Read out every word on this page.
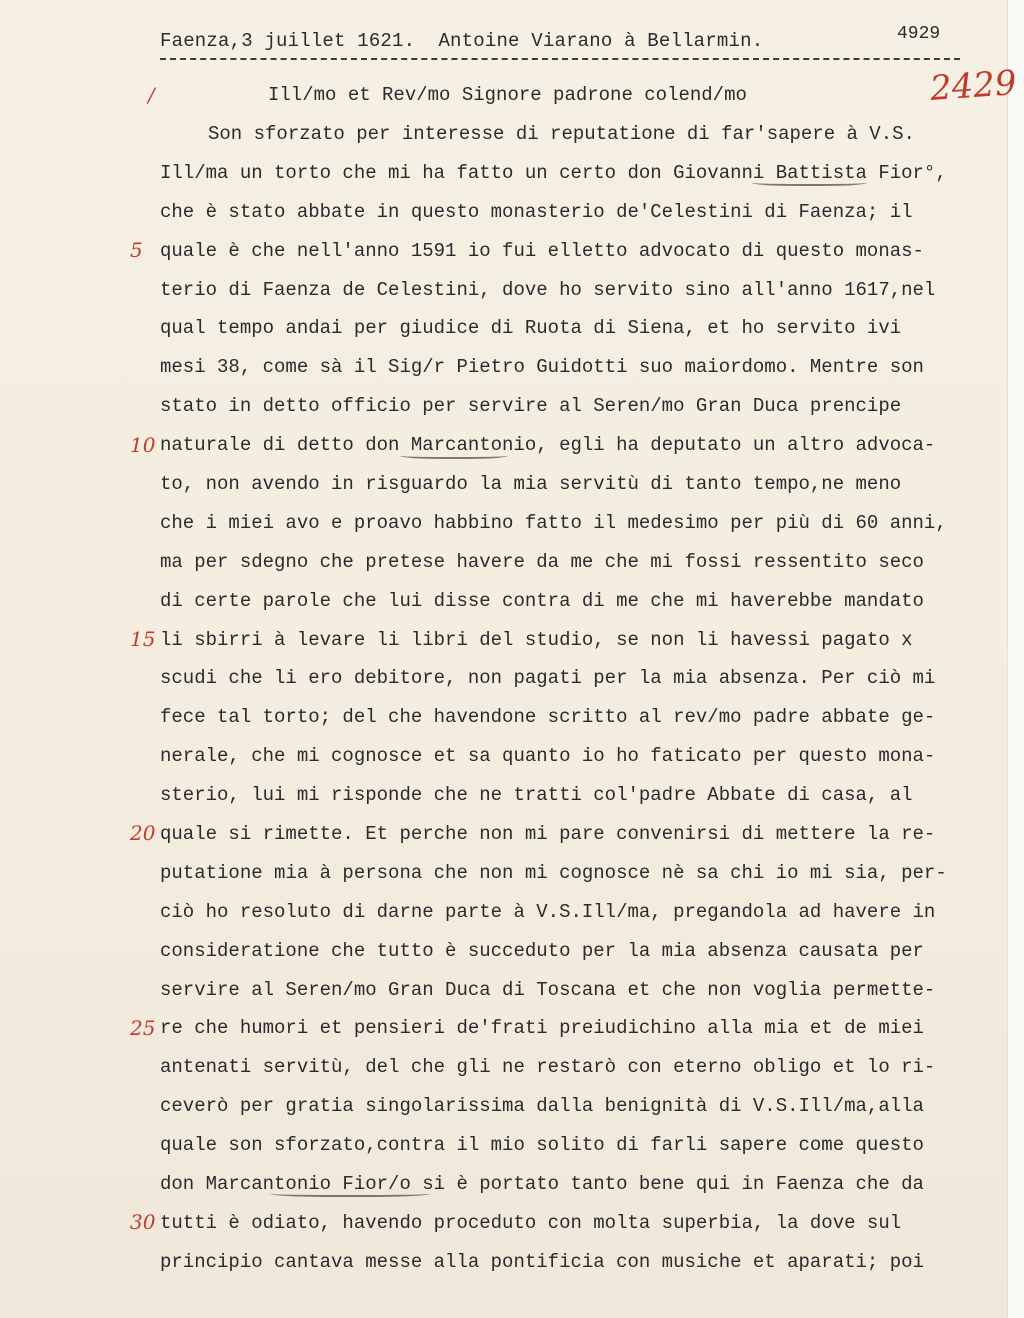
Faenza,3 juillet 1621.  Antoine Viarano à Bellarmin.	4929
2429
/	Ill/mo et Rev/mo Signore padrone colend/mo
Son sforzato per interesse di reputatione di far'sapere à V.S.
Ill/ma un torto che mi ha fatto un certo don Giovanni Battista Fior°,
che è stato abbate in questo monasterio de'Celestini di Faenza; il
quale è che nell'anno 1591 io fui elletto advocato di questo monas-
terio di Faenza de Celestini, dove ho servito sino all'anno 1617,nel
qual tempo andai per giudice di Ruota di Siena, et ho servito ivi
mesi 38, come sà il Sig/r Pietro Guidotti suo maiordomo. Mentre son
stato in detto officio per servire al Seren/mo Gran Duca prencipe
naturale di detto don Marcantonio, egli ha deputato un altro advoca-
to, non avendo in risguardo la mia servitù di tanto tempo,ne meno
che i miei avo e proavo habbino fatto il medesimo per più di 60 anni,
ma per sdegno che pretese havere da me che mi fossi ressentito seco
di certe parole che lui disse contra di me che mi haverebbe mandato
li sbirri à levare li libri del studio, se non li havessi pagato x
scudi che li ero debitore, non pagati per la mia absenza. Per ciò mi
fece tal torto; del che havendone scritto al rev/mo padre abbate ge-
nerale, che mi cognosce et sa quanto io ho faticato per questo mona-
sterio, lui mi risponde che ne tratti col'padre Abbate di casa, al
quale si rimette. Et perche non mi pare convenirsi di mettere la re-
putatione mia à persona che non mi cognosce nè sa chi io mi sia, per-
ciò ho resoluto di darne parte à V.S.Ill/ma, pregandola ad havere in
consideratione che tutto è succeduto per la mia absenza causata per
servire al Seren/mo Gran Duca di Toscana et che non voglia permette-
re che humori et pensieri de'frati preiudichino alla mia et de miei
antenati servitù, del che gli ne restarò con eterno obligo et lo ri-
ceverò per gratia singolarissima dalla benignità di V.S.Ill/ma,alla
quale son sforzato,contra il mio solito di farli sapere come questo
don Marcantonio Fior/o si è portato tanto bene qui in Faenza che da
tutti è odiato, havendo proceduto con molta superbia, la dove sul
principio cantava messe alla pontificia con musiche et aparati; poi
5
10
15
20
25
30
